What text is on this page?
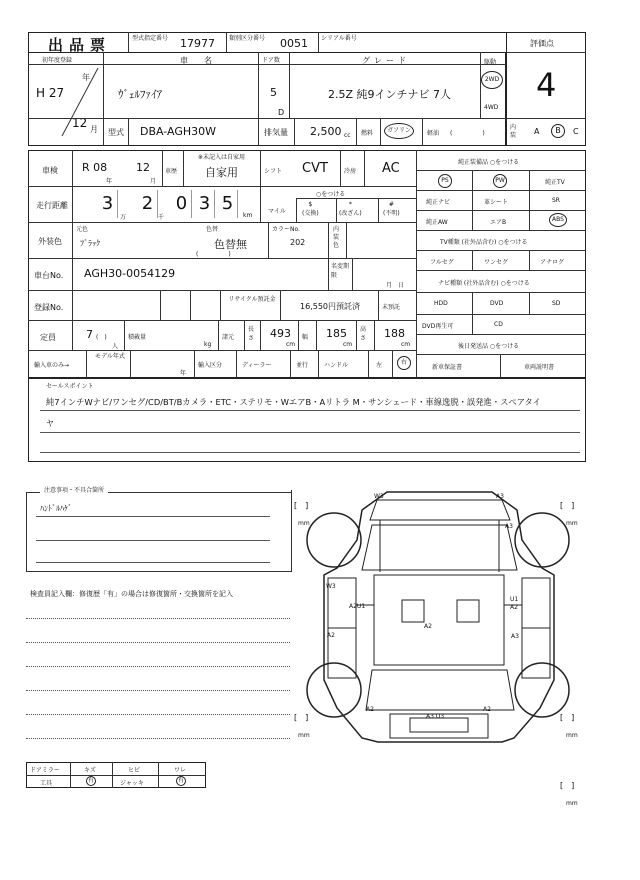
出品票	型式指定番号 17977 類別区分番号 0051 シリアル番号
評価点
4
内装	A	B	C
初年度登録
年
H 27
12 月
車　名
ｳﾞｪﾙﾌｧｲｱ
ドア数
5
D
グレード
2.5Z 純9インチナビ 7人
駆動
2WD
4WD
型式 DBA-AGH30W	排気量 2,500 cc 燃料	ガソリン	軽油 (　　　　　)
車検 R 08
年
12
月
車歴
※未記入は自家用
自家用	シフト CVT	冷房 AC
走行距離 3 2 0 3 5
万	千	km
マイル
○をつける
$
(交換)
*
(改ざん)
#
(不明)
外装色
元色
ﾌﾞﾗｯｸ
色替
色替無
(　　　　　)
カラーNo.
202
内装色
車台No. AGH30-0054129
名変期限
月　日
登録No.
リサイクル預託金
16,550円預託済	未預託
定員	7 (　)
人
積載量
kg
諸元
長さ 493
cm
幅 185
cm
高さ 188
cm
輸入車のみ→
モデル年式
年
輸入区分	ディーラー	並行	ハンドル	左	右
純正装備品 ○をつける
PS	PW	純正TV
純正ナビ	革シート	SR
純正AW	エアB	ABS
TV種類 (社外品含む) ○をつける
フルセグ	ワンセグ	アナログ
ナビ種類 (社外品含む) ○をつける
HDD	DVD	SD
DVD再生可	CD
後日発送品 ○をつける
新車保証書	車両説明書
セールスポイント
純7インチWナビ/ワンセグ/CD/BT/Bカメラ・ETC・ステリモ・WエアB・Aリトラ M・サンシェード・車線逸脱・誤発進・スペアタイ
ヤ
注意事項・不具合箇所
ﾊﾝﾄﾞﾙﾊｹﾞ
検査員記入欄：修復歴「有」の場合は修復箇所・交換箇所を記入
ドアミラー	キズ	ヒビ	ワレ
工具	有	ジャッキ	有
W3	A3
A3
W3
U1
A2
A2U1
A2
A2	A3
A2
A3 U3
A2
[　]
mm
[　]
mm
[　]
mm
[　]
mm
[　]
mm
